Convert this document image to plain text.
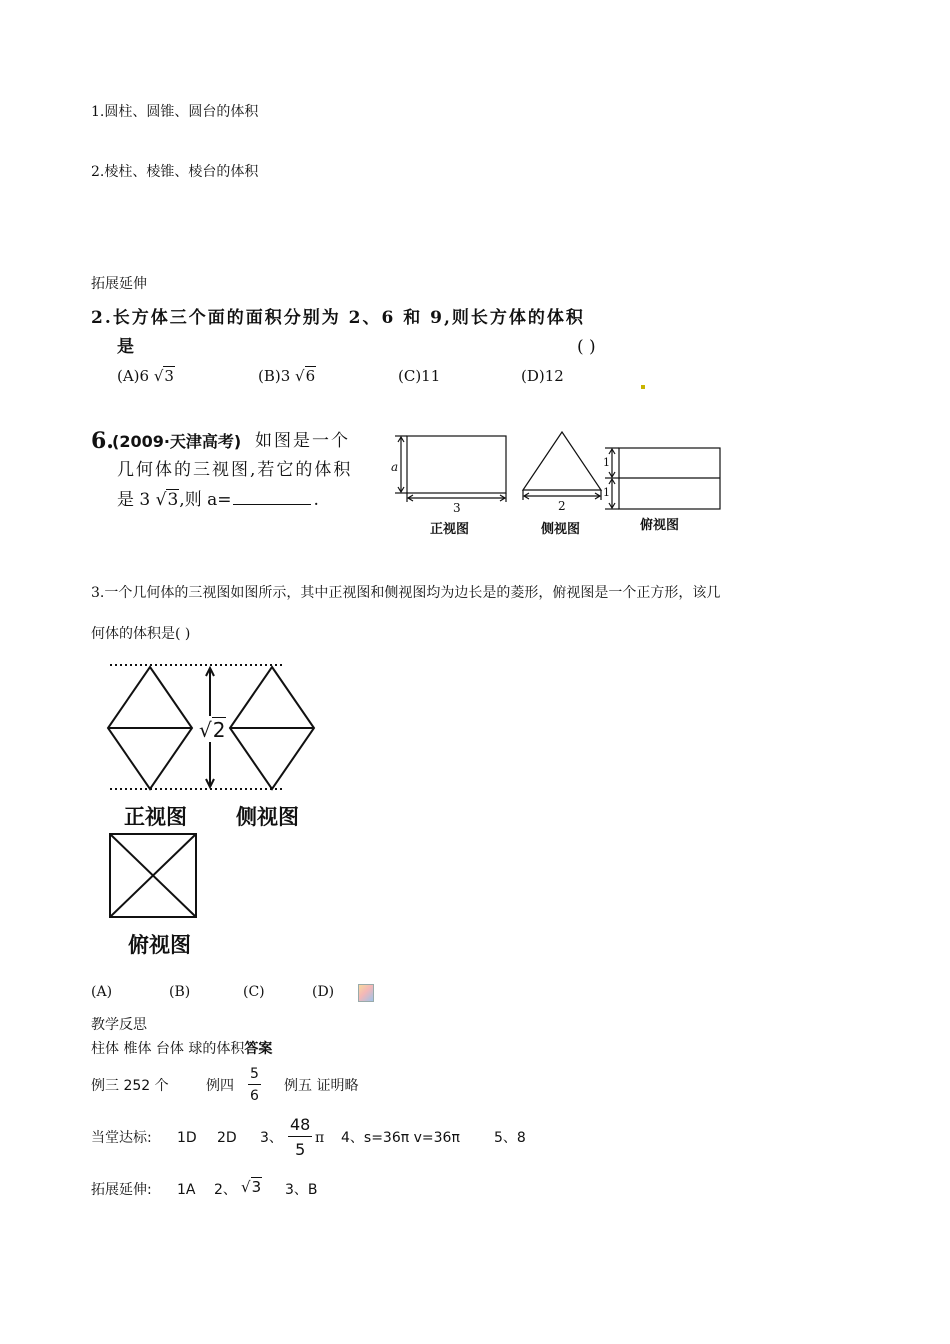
1.圆柱、圆锥、圆台的体积
2.棱柱、棱锥、棱台的体积
拓展延伸
2.长方体三个面的面积分别为 2、6 和 9,则长方体的体积
是	( )
(A)6 √3	(B)3 √6	(C)11	(D)12
6.
(2009·天津高考) 如图是一个
几何体的三视图,若它的体积
是 3 √3,则 a=	.
a
3
正视图
2
侧视图
1
1
俯视图
3.一个几何体的三视图如图所示，其中正视图和侧视图均为边长是的菱形，俯视图是一个正方形，该几
何体的体积是( )
√2
正视图 侧视图
俯视图
(A)	(B)	(C)	(D)
教学反思
柱体 椎体 台体 球的体积答案
例三 252 个	例四 $\frac{5}{6}$ 例五 证明略
当堂达标: 1D 2D 3、 $\frac{48}{5}$ π 4、s=36π v=36π 5、8
拓展延伸: 1A 2、 √3 3、B
